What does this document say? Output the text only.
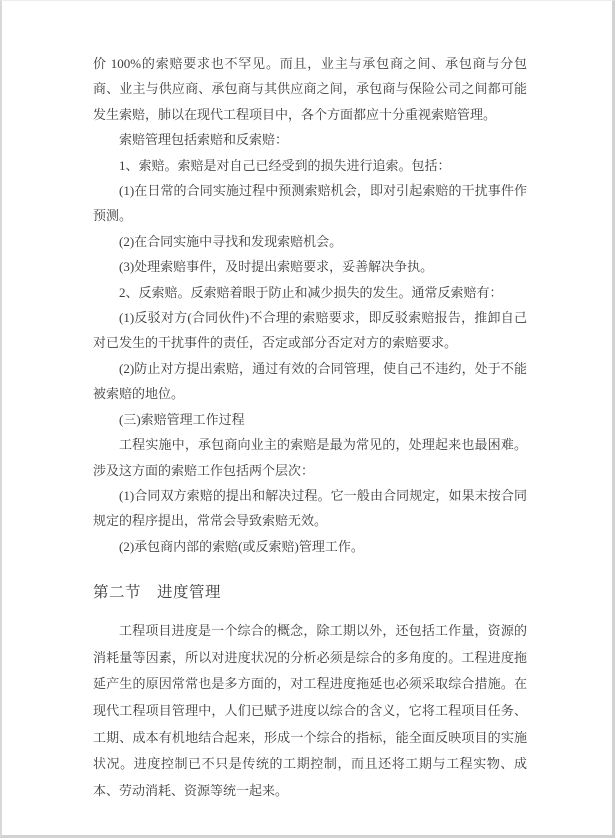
价 100%的索赔要求也不罕见。而且，业主与承包商之间、承包商与分包商、业主与供应商、承包商与其供应商之间，承包商与保险公司之间都可能发生索赔，肺以在现代工程项目中，各个方面都应十分重视索赔管理。

索赔管理包括索赔和反索赔：

1、索赔。索赔是对自己已经受到的损失进行追索。包括：

(1)在日常的合同实施过程中预测索赔机会，即对引起索赔的干扰事件作预测。

(2)在合同实施中寻找和发现索赔机会。

(3)处理索赔事件，及时提出索赔要求，妥善解决争执。

2、反索赔。反索赔着眼于防止和减少损失的发生。通常反索赔有：

(1)反驳对方(合同伙件)不合理的索赔要求，即反驳索赔报告，推卸自己对已发生的干扰事件的责任，否定或部分否定对方的索赔要求。

(2)防止对方提出索赔，通过有效的合同管理，使自己不违约，处于不能被索赔的地位。

(三)索赔管理工作过程

工程实施中，承包商向业主的索赔是最为常见的，处理起来也最困难。涉及这方面的索赔工作包括两个层次：

(1)合同双方索赔的提出和解决过程。它一般由合同规定，如果末按合同规定的程序提出，常常会导致索赔无效。

(2)承包商内部的索赔(或反索赔)管理工作。

第二节　进度管理

工程项目进度是一个综合的概念，除工期以外，还包括工作量，资源的消耗量等因素，所以对进度状况的分析必须是综合的多角度的。工程进度拖延产生的原因常常也是多方面的，对工程进度拖延也必须采取综合措施。在现代工程项目管理中，人们已赋予进度以综合的含义，它将工程项目任务、工期、成本有机地结合起来，形成一个综合的指标，能全面反映项目的实施状况。进度控制已不只是传统的工期控制，而且还将工期与工程实物、成本、劳动消耗、资源等统一起来。
